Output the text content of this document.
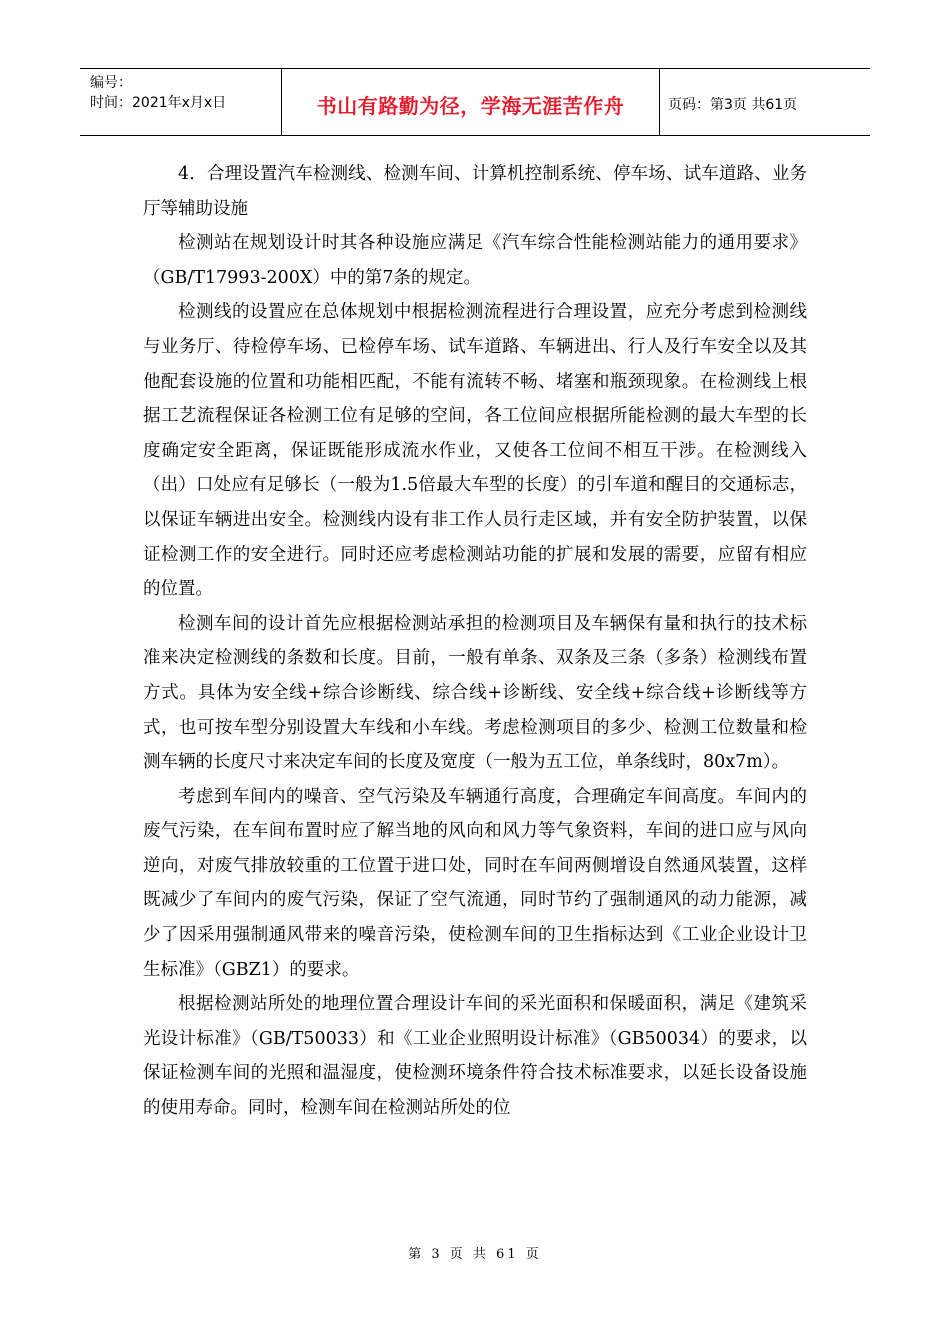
编号：
时间：2021年x月x日	书山有路勤为径，学海无涯苦作舟	页码：第3页 共61页

4．合理设置汽车检测线、检测车间、计算机控制系统、停车场、试车道路、业务厅等辅助设施

检测站在规划设计时其各种设施应满足《汽车综合性能检测站能力的通用要求》（GB/T17993-200X）中的第7条的规定。

检测线的设置应在总体规划中根据检测流程进行合理设置，应充分考虑到检测线与业务厅、待检停车场、已检停车场、试车道路、车辆进出、行人及行车安全以及其他配套设施的位置和功能相匹配，不能有流转不畅、堵塞和瓶颈现象。在检测线上根据工艺流程保证各检测工位有足够的空间，各工位间应根据所能检测的最大车型的长度确定安全距离，保证既能形成流水作业，又使各工位间不相互干涉。在检测线入（出）口处应有足够长（一般为1.5倍最大车型的长度）的引车道和醒目的交通标志，以保证车辆进出安全。检测线内设有非工作人员行走区域，并有安全防护装置，以保证检测工作的安全进行。同时还应考虑检测站功能的扩展和发展的需要，应留有相应的位置。

检测车间的设计首先应根据检测站承担的检测项目及车辆保有量和执行的技术标准来决定检测线的条数和长度。目前，一般有单条、双条及三条（多条）检测线布置方式。具体为安全线+综合诊断线、综合线+诊断线、安全线+综合线+诊断线等方式，也可按车型分别设置大车线和小车线。考虑检测项目的多少、检测工位数量和检测车辆的长度尺寸来决定车间的长度及宽度（一般为五工位，单条线时，80x7m）。

考虑到车间内的噪音、空气污染及车辆通行高度，合理确定车间高度。车间内的废气污染，在车间布置时应了解当地的风向和风力等气象资料，车间的进口应与风向逆向，对废气排放较重的工位置于进口处，同时在车间两侧增设自然通风装置，这样既减少了车间内的废气污染，保证了空气流通，同时节约了强制通风的动力能源，减少了因采用强制通风带来的噪音污染，使检测车间的卫生指标达到《工业企业设计卫生标准》（GBZ1）的要求。

根据检测站所处的地理位置合理设计车间的采光面积和保暖面积，满足《建筑采光设计标准》（GB/T50033）和《工业企业照明设计标准》（GB50034）的要求，以保证检测车间的光照和温湿度，使检测环境条件符合技术标准要求，以延长设备设施的使用寿命。同时，检测车间在检测站所处的位

第 3 页 共 61 页
